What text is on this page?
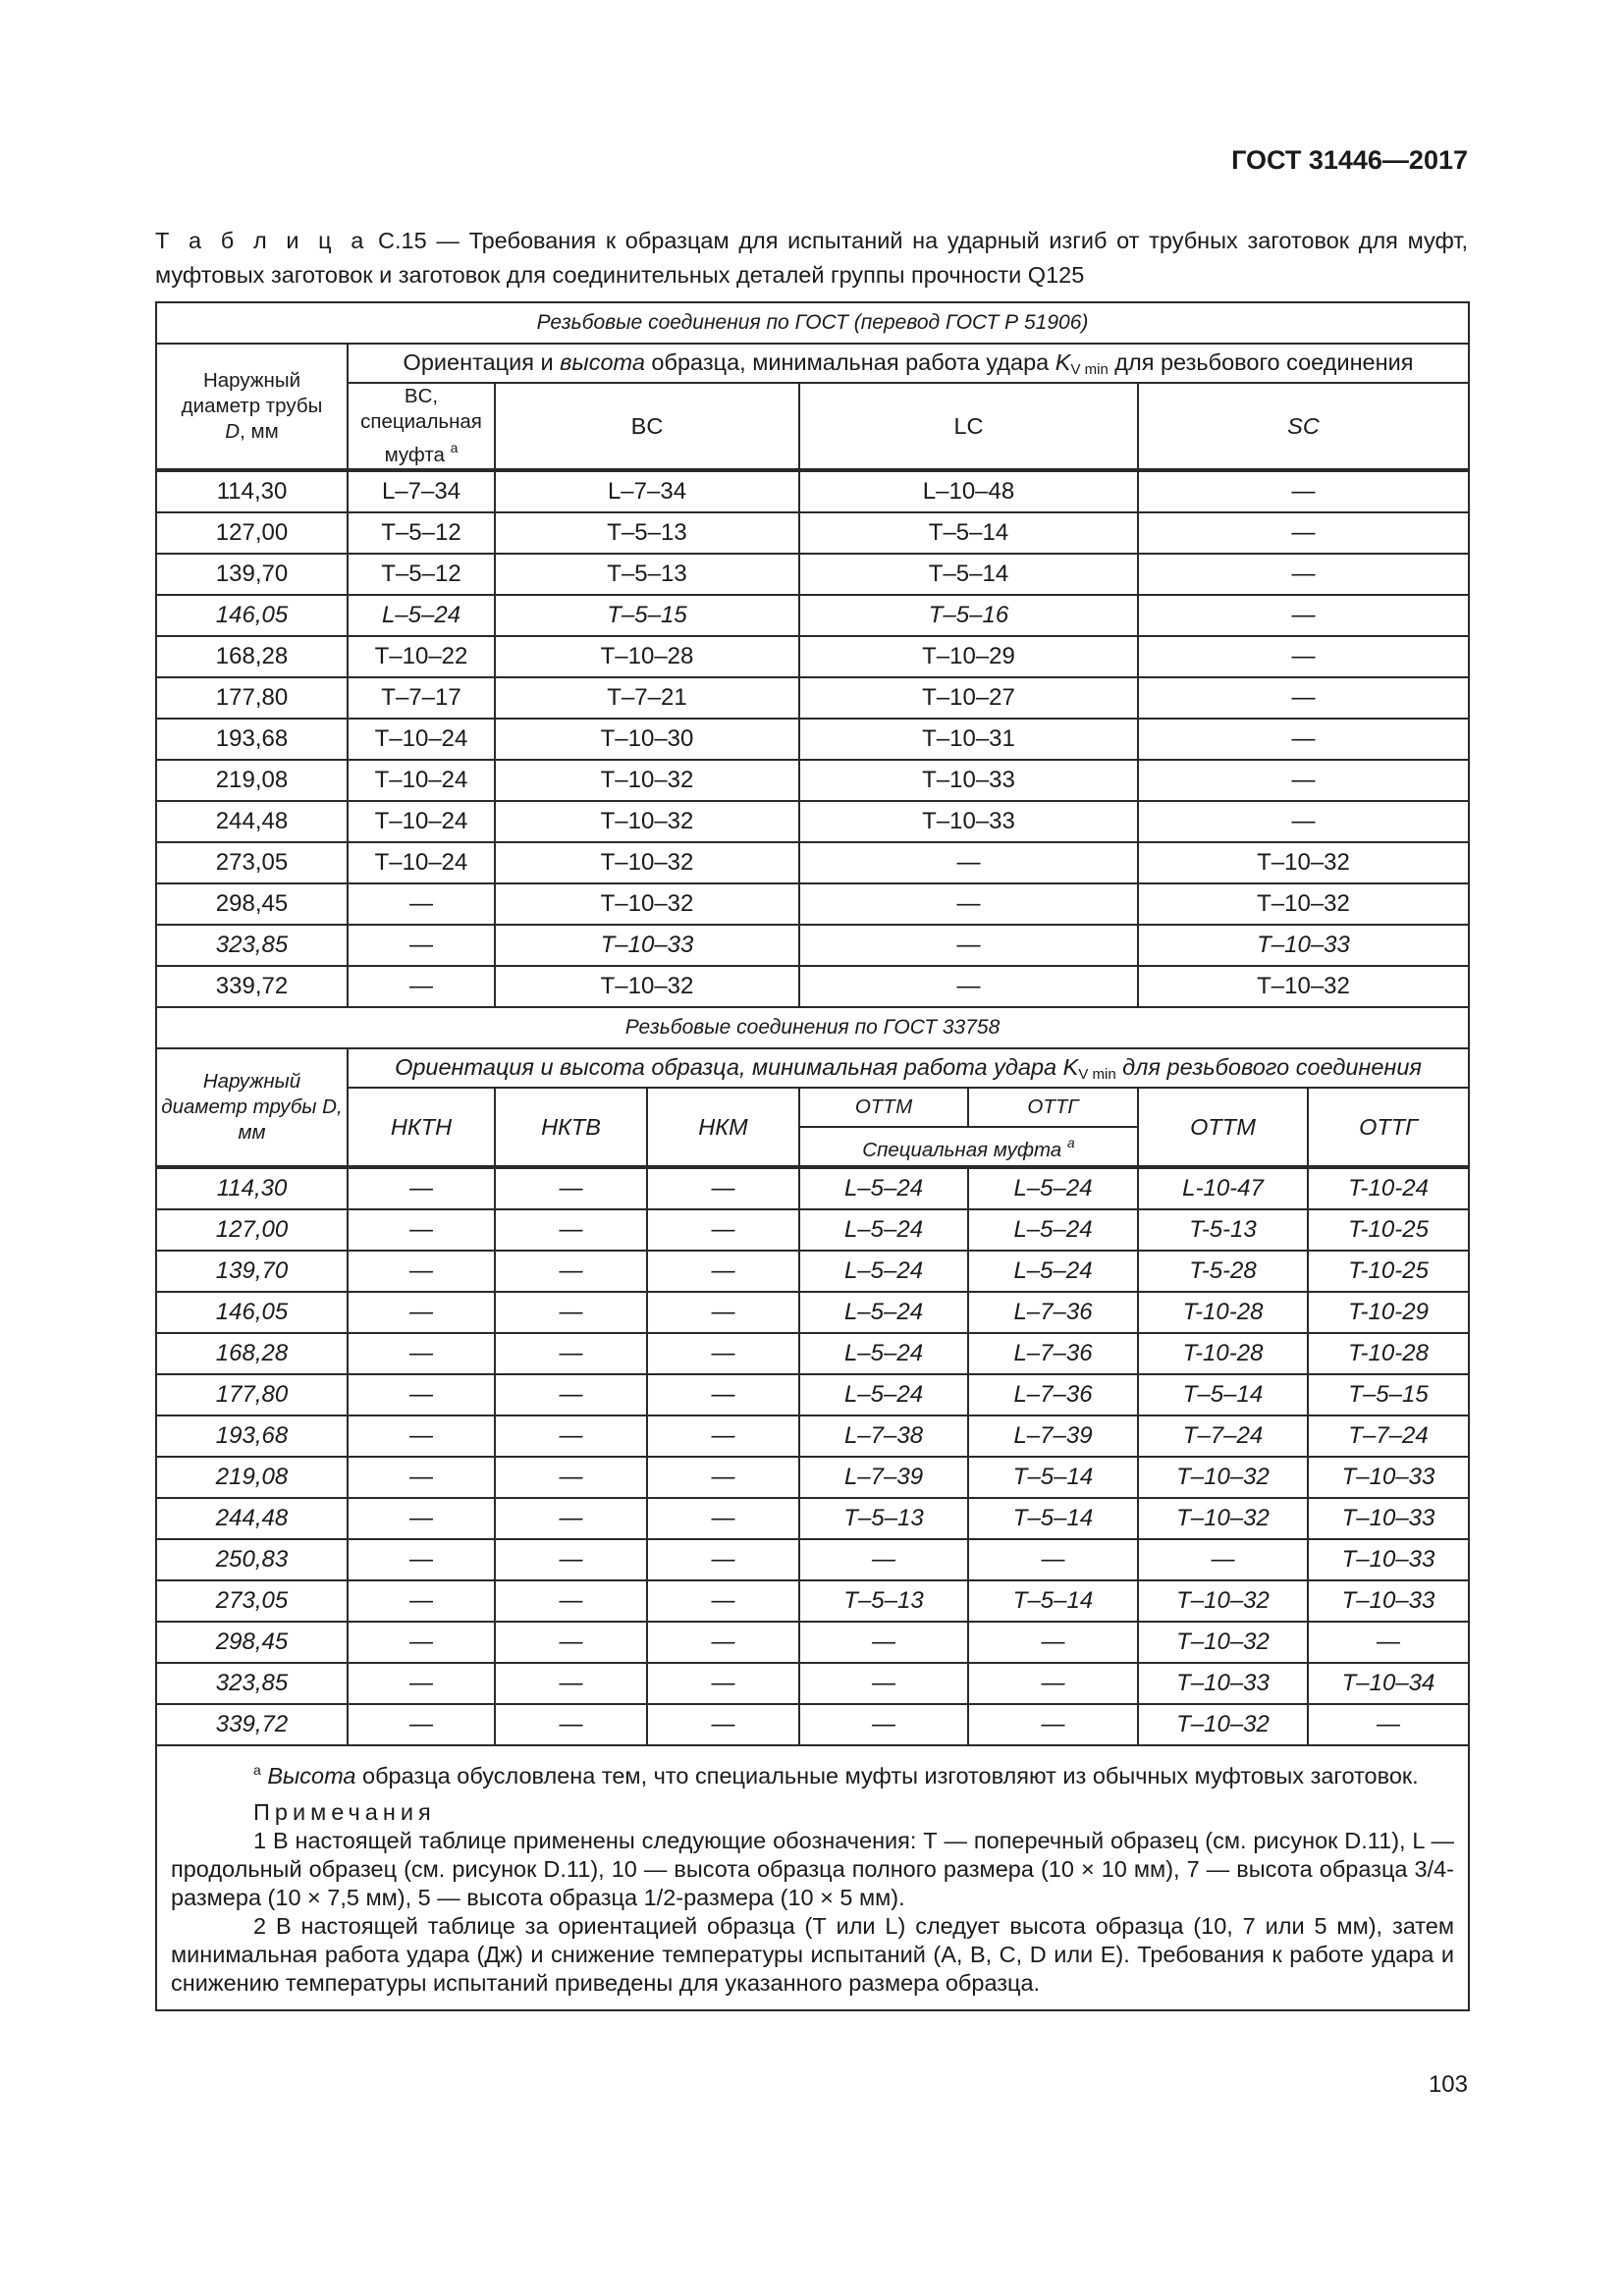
ГОСТ 31446—2017
Т а б л и ц а С.15 — Требования к образцам для испытаний на ударный изгиб от трубных заготовок для муфт, муфтовых заготовок и заготовок для соединительных деталей группы прочности Q125
Резьбовые соединения по ГОСТ (перевод ГОСТ Р 51906)							
Наружный диаметр трубы
D, мм	Ориентация и высота образца, минимальная работа удара KV min для резьбового соединения						
	BC,
специальная муфта $^a$	BC		LC		SC	
114,30	L–7–34	L–7–34		L–10–48		—	
127,00	T–5–12	T–5–13		T–5–14		—	
139,70	T–5–12	T–5–13		T–5–14		—	
146,05	L–5–24	T–5–15		T–5–16		—	
168,28	T–10–22	T–10–28		T–10–29		—	
177,80	T–7–17	T–7–21		T–10–27		—	
193,68	T–10–24	T–10–30		T–10–31		—	
219,08	T–10–24	T–10–32		T–10–33		—	
244,48	T–10–24	T–10–32		T–10–33		—	
273,05	T–10–24	T–10–32		—		T–10–32	
298,45	—	T–10–32		—		T–10–32	
323,85	—	T–10–33		—		T–10–33	
339,72	—	T–10–32		—		T–10–32	
Резьбовые соединения по ГОСТ 33758							
Наружный диаметр трубы D, мм	Ориентация и высота образца, минимальная работа удара KV min для резьбового соединения						
	НКТН	НКТВ	НКМ	ОТТМ	ОТТГ	ОТТМ	ОТТГ
				Специальная муфта $^a$
114,30	—	—	—	L–5–24	L–5–24	L-10-47	T-10-24
127,00	—	—	—	L–5–24	L–5–24	T-5-13	T-10-25
139,70	—	—	—	L–5–24	L–5–24	T-5-28	T-10-25
146,05	—	—	—	L–5–24	L–7–36	T-10-28	T-10-29
168,28	—	—	—	L–5–24	L–7–36	T-10-28	T-10-28
177,80	—	—	—	L–5–24	L–7–36	T–5–14	T–5–15
193,68	—	—	—	L–7–38	L–7–39	T–7–24	T–7–24
219,08	—	—	—	L–7–39	T–5–14	T–10–32	T–10–33
244,48	—	—	—	T–5–13	T–5–14	T–10–32	T–10–33
250,83	—	—	—	—	—	—	T–10–33
273,05	—	—	—	T–5–13	T–5–14	T–10–32	T–10–33
298,45	—	—	—	—	—	T–10–32	—
323,85	—	—	—	—	—	T–10–33	T–10–34
339,72	—	—	—	—	—	T–10–32	—

$^a$ Высота образца обусловлена тем, что специальные муфты изготовляют из обычных муфтовых заготовок.

Примечания

1 В настоящей таблице применены следующие обозначения: Т — поперечный образец (см. рисунок D.11), L — продольный образец (см. рисунок D.11), 10 — высота образца полного размера (10 × 10 мм), 7 — высота образца 3/4-размера (10 × 7,5 мм), 5 — высота образца 1/2-размера (10 × 5 мм).

2 В настоящей таблице за ориентацией образца (Т или L) следует высота образца (10, 7 или 5 мм), затем минимальная работа удара (Дж) и снижение температуры испытаний (А, В, С, D или Е). Требования к работе удара и снижению температуры испытаний приведены для указанного размера образца.							

103
